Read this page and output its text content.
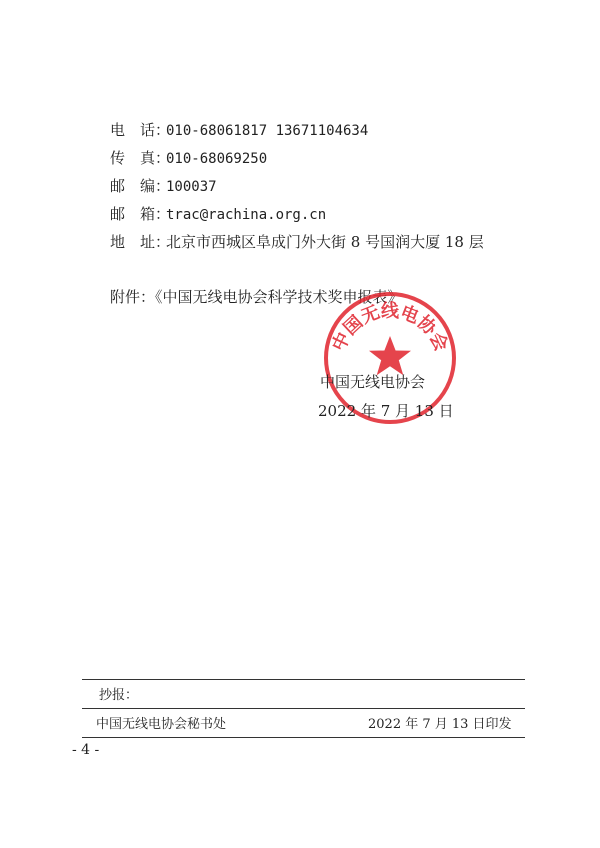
电　话：010-68061817 13671104634
传　真：010-68069250
邮　编：100037
邮　箱：trac@rachina.org.cn
地　址：北京市西城区阜成门外大街 8 号国润大厦 18 层
附件：《中国无线电协会科学技术奖申报表》
中国无线电协会
中国无线电协会
2022 年 7 月 13 日
抄报：
中国无线电协会秘书处	2022 年 7 月 13 日印发
- 4 -
